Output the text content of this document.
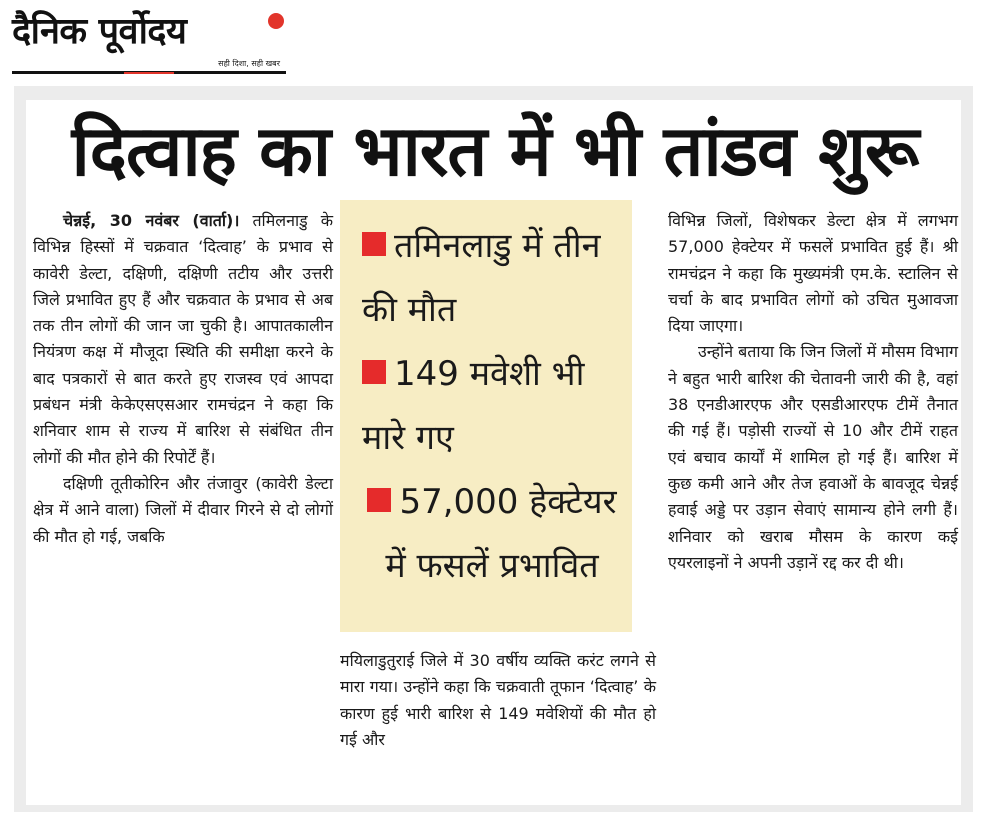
दैनिक पूर्वोदय
सही दिशा, सही खबर
दित्वाह का भारत में भी तांडव शुरू

चेन्नई, 30 नवंबर (वार्ता)। तमिलनाडु के विभिन्न हिस्सों में चक्रवात ‘दित्वाह’ के प्रभाव से कावेरी डेल्टा, दक्षिणी, दक्षिणी तटीय और उत्तरी जिले प्रभावित हुए हैं और चक्रवात के प्रभाव से अब तक तीन लोगों की जान जा चुकी है। आपातकालीन नियंत्रण कक्ष में मौजूदा स्थिति की समीक्षा करने के बाद पत्रकारों से बात करते हुए राजस्व एवं आपदा प्रबंधन मंत्री केकेएसएसआर रामचंद्रन ने कहा कि शनिवार शाम से राज्य में बारिश से संबंधित तीन लोगों की मौत होने की रिपोर्टें हैं।

दक्षिणी तूतीकोरिन और तंजावुर (कावेरी डेल्टा क्षेत्र में आने वाला) जिलों में दीवार गिरने से दो लोगों की मौत हो गई, जबकि

तमिनलाडु में तीन की मौत
149 मवेशी भी मारे गए
57,000 हेक्टेयर में फसलें प्रभावित

मयिलाडुतुराई जिले में 30 वर्षीय व्यक्ति करंट लगने से मारा गया। उन्होंने कहा कि चक्रवाती तूफान ‘दित्वाह’ के कारण हुई भारी बारिश से 149 मवेशियों की मौत हो गई और

विभिन्न जिलों, विशेषकर डेल्टा क्षेत्र में लगभग 57,000 हेक्टेयर में फसलें प्रभावित हुई हैं। श्री रामचंद्रन ने कहा कि मुख्यमंत्री एम.के. स्टालिन से चर्चा के बाद प्रभावित लोगों को उचित मुआवजा दिया जाएगा।

उन्होंने बताया कि जिन जिलों में मौसम विभाग ने बहुत भारी बारिश की चेतावनी जारी की है, वहां 38 एनडीआरएफ और एसडीआरएफ टीमें तैनात की गई हैं। पड़ोसी राज्यों से 10 और टीमें राहत एवं बचाव कार्यों में शामिल हो गई हैं। बारिश में कुछ कमी आने और तेज हवाओं के बावजूद चेन्नई हवाई अड्डे पर उड़ान सेवाएं सामान्य होने लगी हैं। शनिवार को खराब मौसम के कारण कई एयरलाइनों ने अपनी उड़ानें रद्द कर दी थी।
